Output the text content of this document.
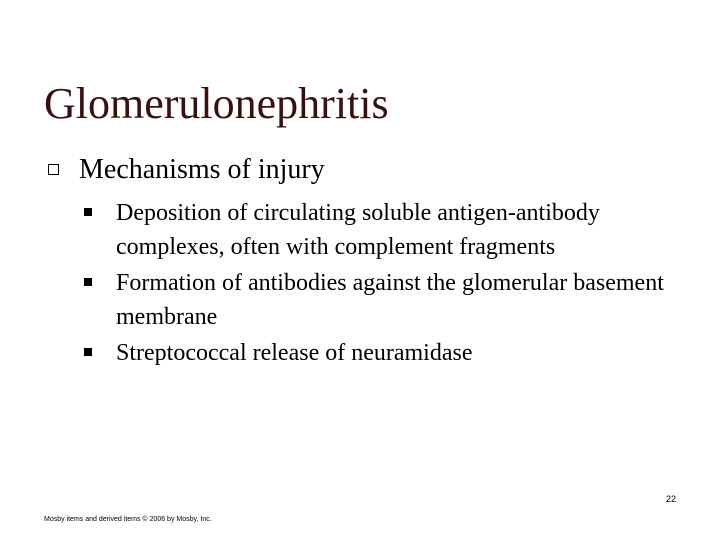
Glomerulonephritis
Mechanisms of injury
Deposition of circulating soluble antigen-antibody complexes, often with complement fragments
Formation of antibodies against the glomerular basement membrane
Streptococcal release of neuramidase
22
Mosby items and derived items © 2006 by Mosby, Inc.
